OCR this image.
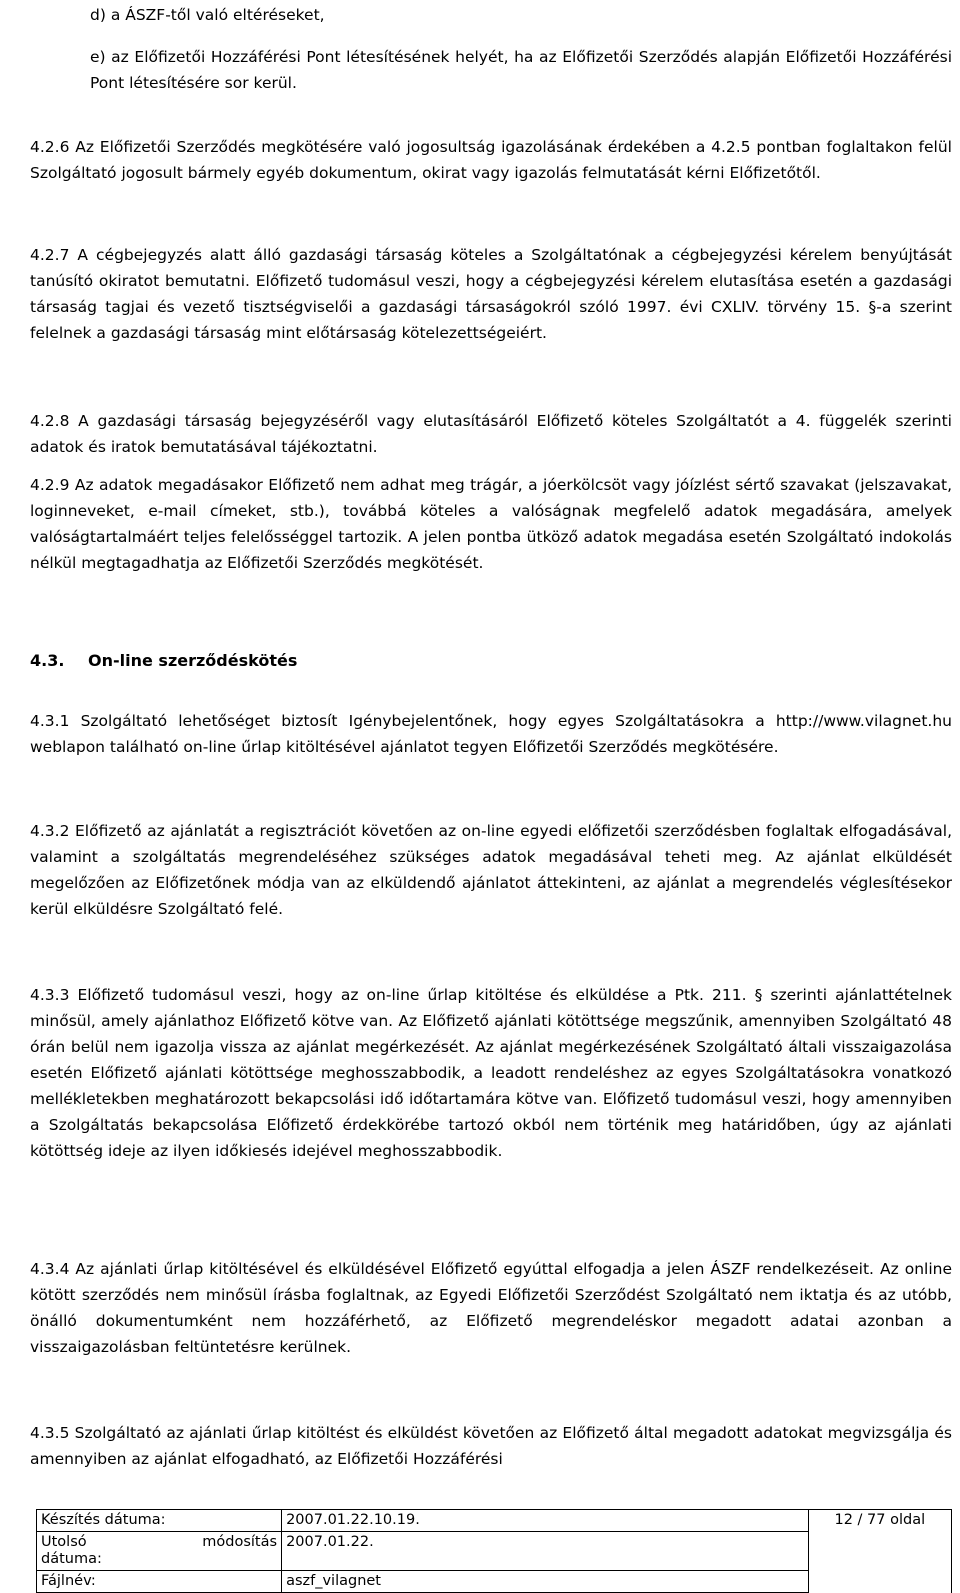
d) a ÁSZF-től való eltéréseket,

e) az Előfizetői Hozzáférési Pont létesítésének helyét, ha az Előfizetői Szerződés alapján Előfizetői Hozzáférési Pont létesítésére sor kerül.

4.2.6 Az Előfizetői Szerződés megkötésére való jogosultság igazolásának érdekében a 4.2.5 pontban foglaltakon felül Szolgáltató jogosult bármely egyéb dokumentum, okirat vagy igazolás felmutatását kérni Előfizetőtől.

4.2.7 A cégbejegyzés alatt álló gazdasági társaság köteles a Szolgáltatónak a cégbejegyzési kérelem benyújtását tanúsító okiratot bemutatni. Előfizető tudomásul veszi, hogy a cégbejegyzési kérelem elutasítása esetén a gazdasági társaság tagjai és vezető tisztségviselői a gazdasági társaságokról szóló 1997. évi CXLIV. törvény 15. §-a szerint felelnek a gazdasági társaság mint előtársaság kötelezettségeiért.

4.2.8 A gazdasági társaság bejegyzéséről vagy elutasításáról Előfizető köteles Szolgáltatót a 4. függelék szerinti adatok és iratok bemutatásával tájékoztatni.

4.2.9 Az adatok megadásakor Előfizető nem adhat meg trágár, a jóerkölcsöt vagy jóízlést sértő szavakat (jelszavakat, loginneveket, e-mail címeket, stb.), továbbá köteles a valóságnak megfelelő adatok megadására, amelyek valóságtartalmáért teljes felelősséggel tartozik. A jelen pontba ütköző adatok megadása esetén Szolgáltató indokolás nélkül megtagadhatja az Előfizetői Szerződés megkötését.

4.3. On-line szerződéskötés

4.3.1 Szolgáltató lehetőséget biztosít Igénybejelentőnek, hogy egyes Szolgáltatásokra a http://www.vilagnet.hu weblapon található on-line űrlap kitöltésével ajánlatot tegyen Előfizetői Szerződés megkötésére.

4.3.2 Előfizető az ajánlatát a regisztrációt követően az on-line egyedi előfizetői szerződésben foglaltak elfogadásával, valamint a szolgáltatás megrendeléséhez szükséges adatok megadásával teheti meg. Az ajánlat elküldését megelőzően az Előfizetőnek módja van az elküldendő ajánlatot áttekinteni, az ajánlat a megrendelés véglesítésekor kerül elküldésre Szolgáltató felé.

4.3.3 Előfizető tudomásul veszi, hogy az on-line űrlap kitöltése és elküldése a Ptk. 211. § szerinti ajánlattételnek minősül, amely ajánlathoz Előfizető kötve van. Az Előfizető ajánlati kötöttsége megszűnik, amennyiben Szolgáltató 48 órán belül nem igazolja vissza az ajánlat megérkezését. Az ajánlat megérkezésének Szolgáltató általi visszaigazolása esetén Előfizető ajánlati kötöttsége meghosszabbodik, a leadott rendeléshez az egyes Szolgáltatásokra vonatkozó mellékletekben meghatározott bekapcsolási idő időtartamára kötve van. Előfizető tudomásul veszi, hogy amennyiben a Szolgáltatás bekapcsolása Előfizető érdekkörébe tartozó okból nem történik meg határidőben, úgy az ajánlati kötöttség ideje az ilyen időkiesés idejével meghosszabbodik.

4.3.4 Az ajánlati űrlap kitöltésével és elküldésével Előfizető egyúttal elfogadja a jelen ÁSZF rendelkezéseit. Az online kötött szerződés nem minősül írásba foglaltnak, az Egyedi Előfizetői Szerződést Szolgáltató nem iktatja és az utóbb, önálló dokumentumként nem hozzáférhető, az Előfizető megrendeléskor megadott adatai azonban a visszaigazolásban feltüntetésre kerülnek.

4.3.5 Szolgáltató az ajánlati űrlap kitöltést és elküldést követően az Előfizető által megadott adatokat megvizsgálja és amennyiben az ajánlat elfogadható, az Előfizetői Hozzáférési

Készítés dátuma:	2007.01.22.10.19.	12 / 77 oldal

Utolsó módosítás
dátuma:	2007.01.22.	
Fájlnév:	aszf_vilagnet	
